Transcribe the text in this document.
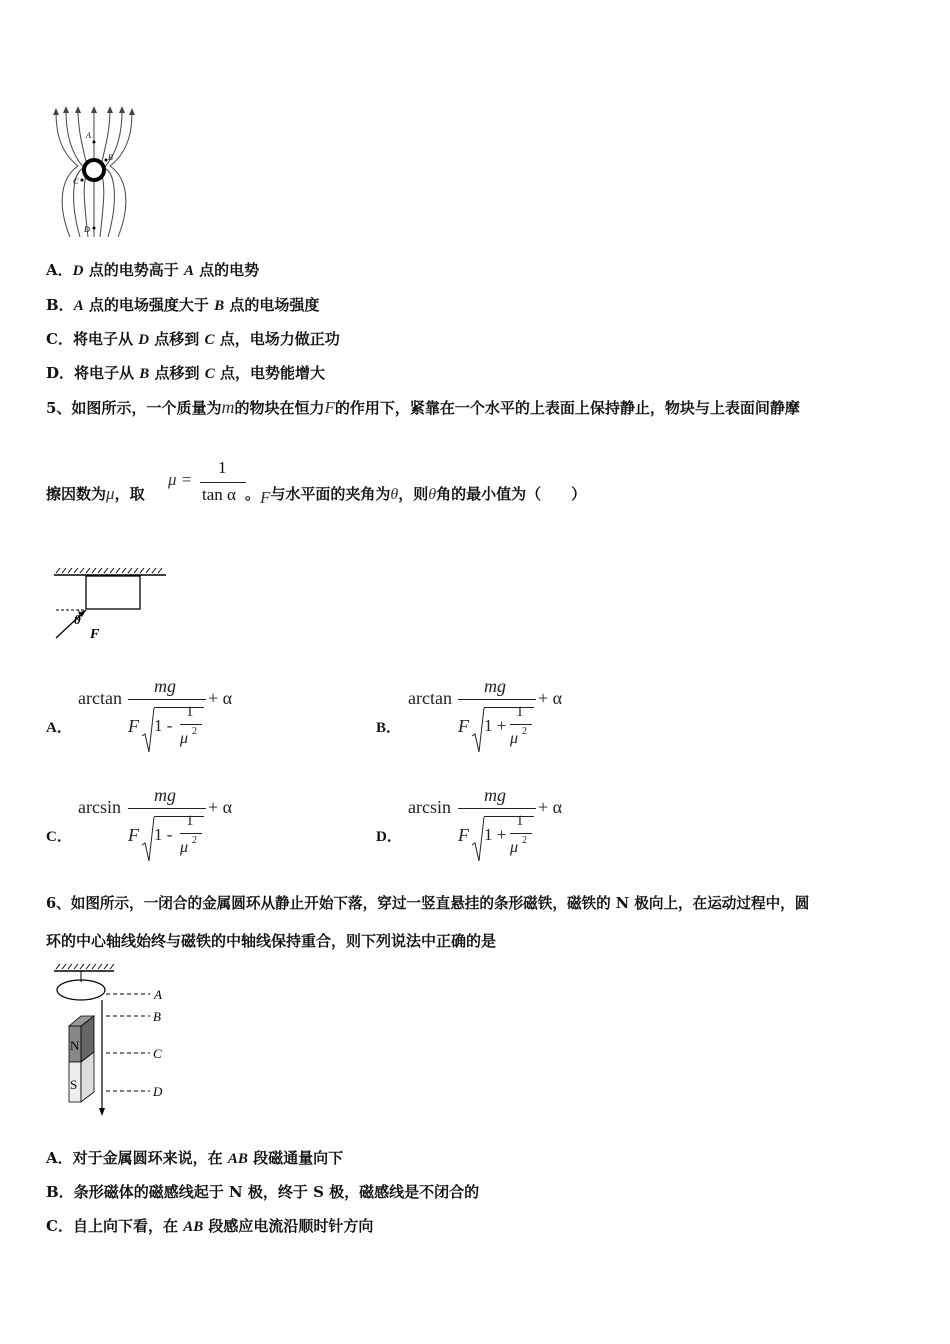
A
B
C
D
A．D 点的电势高于 A 点的电势
B．A 点的电场强度大于 B 点的电场强度
C．将电子从 D 点移到 C 点，电场力做正功
D．将电子从 B 点移到 C 点，电势能增大
5、如图所示，一个质量为m的物块在恒力F的作用下，紧靠在一个水平的上表面上保持静止，物块与上表面间静摩
擦因数为μ，取
μ =
1
tan α 。F与水平面的夹角为θ，则θ角的最小值为（　　）
θ
F
A．
arctan
mg
+ α
F 1 -
1
μ 2	B．
arctan
mg
+ α
F 1 +
1
μ 2
C．
arcsin
mg
+ α
F 1 -
1
μ 2	D．
arcsin
mg
+ α
F 1 +
1
μ 2
6、如图所示，一闭合的金属圆环从静止开始下落，穿过一竖直悬挂的条形磁铁，磁铁的 N 极向上，在运动过程中，圆
环的中心轴线始终与磁铁的中轴线保持重合，则下列说法中正确的是
N
S
A
B
C
D
A．对于金属圆环来说，在 AB 段磁通量向下
B．条形磁体的磁感线起于 N 极，终于 S 极，磁感线是不闭合的
C．自上向下看，在 AB 段感应电流沿顺时针方向
